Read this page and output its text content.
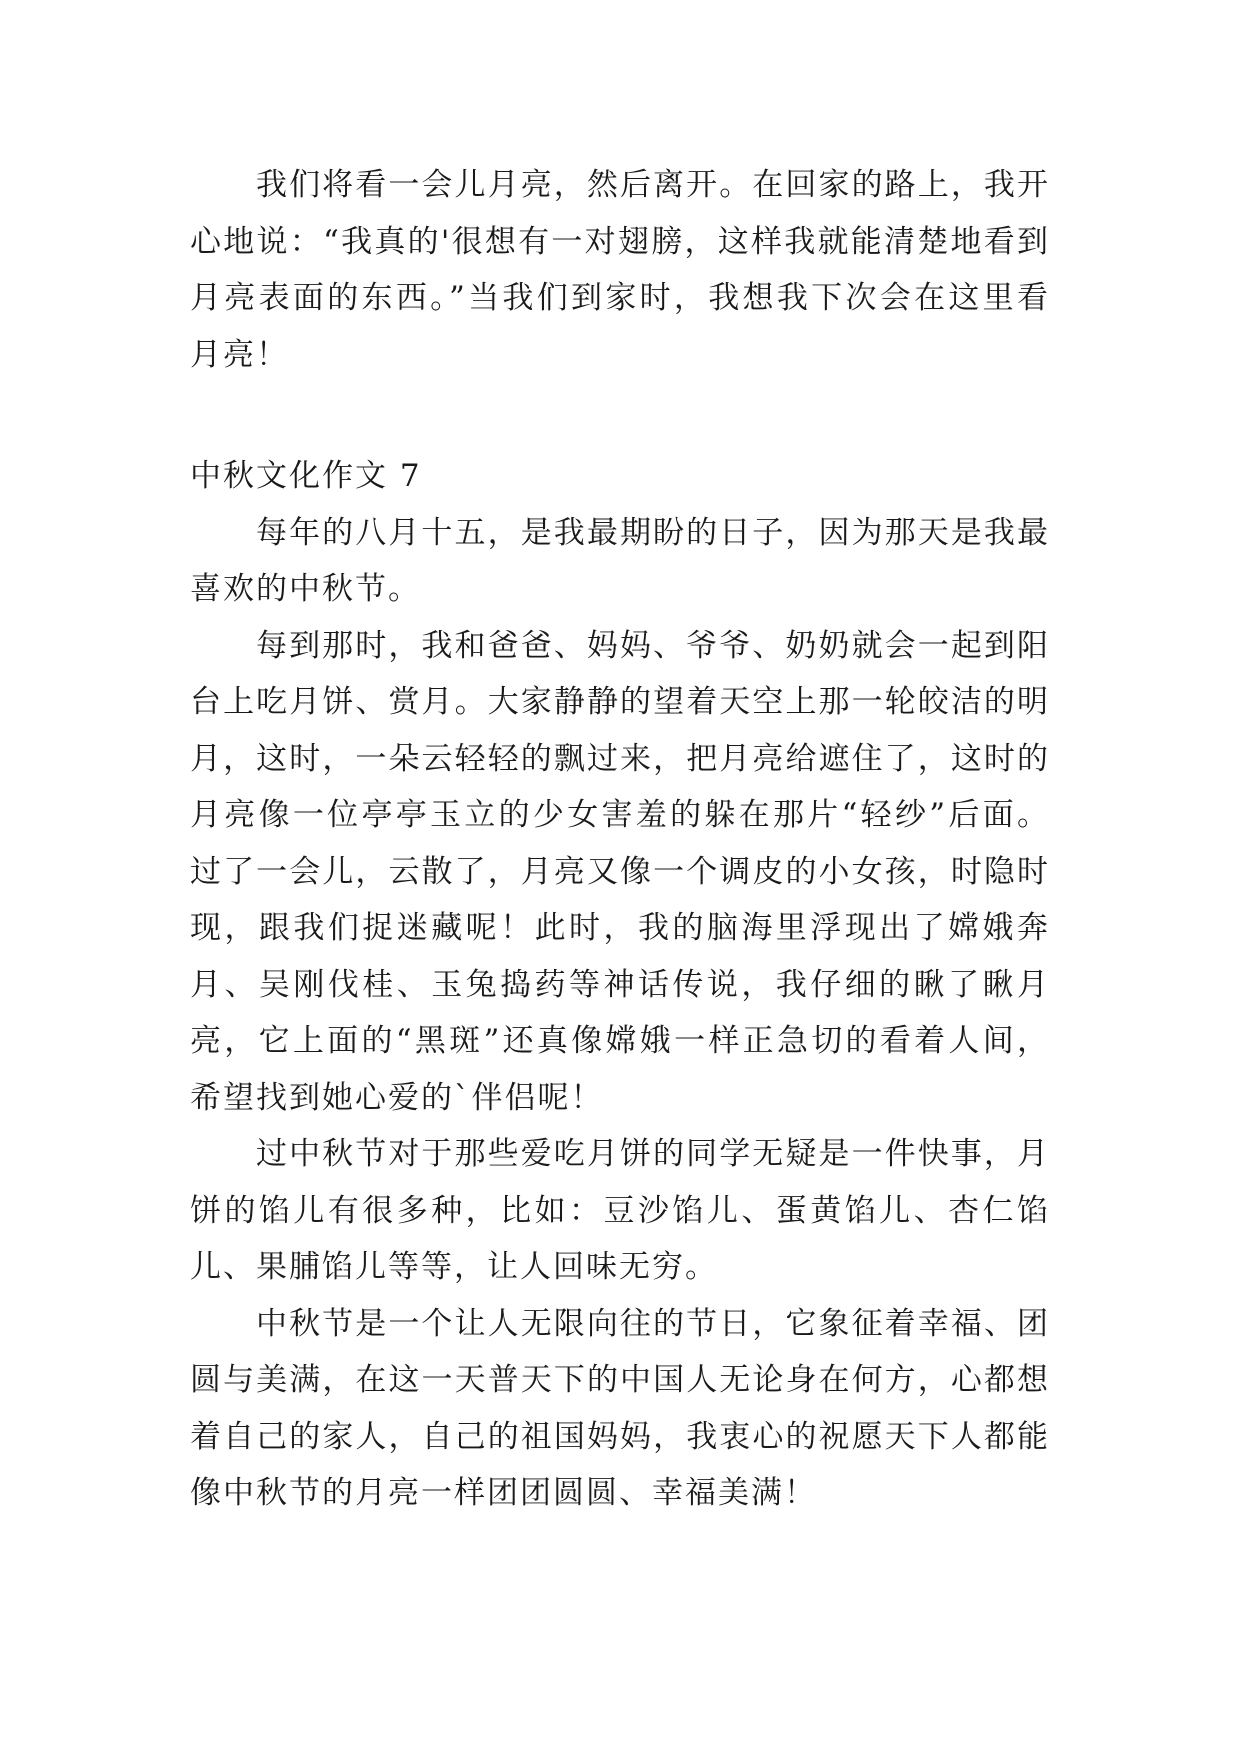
我们将看一会儿月亮，然后离开。在回家的路上，我开心地说：“我真的'很想有一对翅膀，这样我就能清楚地看到月亮表面的东西。”当我们到家时，我想我下次会在这里看月亮！

中秋文化作文 7

每年的八月十五，是我最期盼的日子，因为那天是我最喜欢的中秋节。

每到那时，我和爸爸、妈妈、爷爷、奶奶就会一起到阳台上吃月饼、赏月。大家静静的望着天空上那一轮皎洁的明月，这时，一朵云轻轻的飘过来，把月亮给遮住了，这时的月亮像一位亭亭玉立的少女害羞的躲在那片“轻纱”后面。过了一会儿，云散了，月亮又像一个调皮的小女孩，时隐时现，跟我们捉迷藏呢！此时，我的脑海里浮现出了嫦娥奔月、吴刚伐桂、玉兔捣药等神话传说，我仔细的瞅了瞅月亮，它上面的“黑斑”还真像嫦娥一样正急切的看着人间，希望找到她心爱的`伴侣呢！

过中秋节对于那些爱吃月饼的同学无疑是一件快事，月饼的馅儿有很多种，比如：豆沙馅儿、蛋黄馅儿、杏仁馅儿、果脯馅儿等等，让人回味无穷。

中秋节是一个让人无限向往的节日，它象征着幸福、团圆与美满，在这一天普天下的中国人无论身在何方，心都想着自己的家人，自己的祖国妈妈，我衷心的祝愿天下人都能像中秋节的月亮一样团团圆圆、幸福美满！
